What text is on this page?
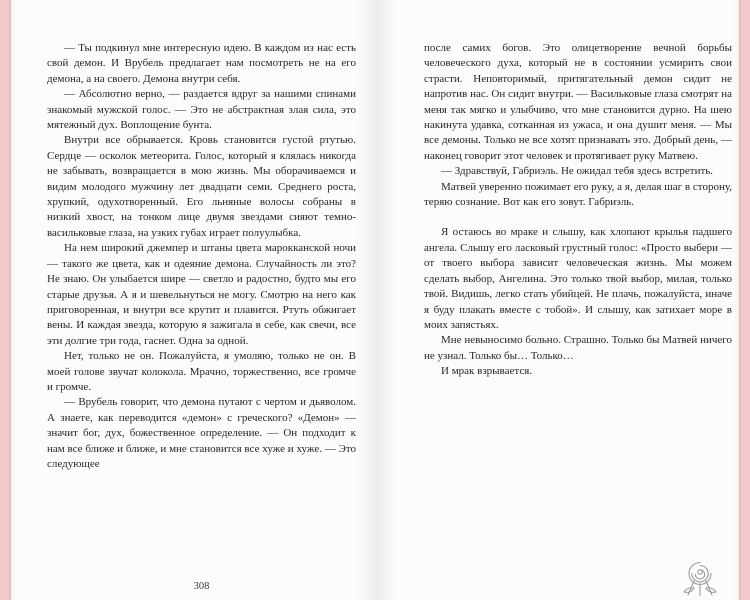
— Ты подкинул мне интересную идею. В каждом из нас есть свой демон. И Врубель предлагает нам посмотреть не на его демона, а на своего. Демона внутри себя.

— Абсолютно верно, — раздается вдруг за нашими спинами знакомый мужской голос. — Это не абстрактная злая сила, это мятежный дух. Воплощение бунта.

Внутри все обрывается. Кровь становится густой ртутью. Сердце — осколок метеорита. Голос, который я клялась никогда не забывать, возвращается в мою жизнь. Мы оборачиваемся и видим молодого мужчину лет двадцати семи. Среднего роста, хрупкий, одухотворенный. Его льняные волосы собраны в низкий хвост, на тонком лице двумя звездами сияют темно-васильковые глаза, на узких губах играет полуулыбка.

На нем широкий джемпер и штаны цвета марокканской ночи — такого же цвета, как и одеяние демона. Случайность ли это? Не знаю. Он улыбается шире — светло и радостно, будто мы его старые друзья. А я и шевельнуться не могу. Смотрю на него как приговоренная, и внутри все крутит и плавится. Ртуть обжигает вены. И каждая звезда, которую я зажигала в себе, как свечи, все эти долгие три года, гаснет. Одна за одной.

Нет, только не он. Пожалуйста, я умоляю, только не он. В моей голове звучат колокола. Мрачно, торжественно, все громче и громче.

— Врубель говорит, что демона путают с чертом и дьяволом. А знаете, как переводится «демон» с греческого? «Демон» — значит бог, дух, божественное определение. — Он подходит к нам все ближе и ближе, и мне становится все хуже и хуже. — Это следующее

после самих богов. Это олицетворение вечной борьбы человеческого духа, который не в состоянии усмирить свои страсти. Неповторимый, притягательный демон сидит не напротив нас. Он сидит внутри. — Васильковые глаза смотрят на меня так мягко и улыбчиво, что мне становится дурно. На шею накинута удавка, сотканная из ужаса, и она душит меня. — Мы все демоны. Только не все хотят признавать это. Добрый день, — наконец говорит этот человек и протягивает руку Матвею.

— Здравствуй, Габриэль. Не ожидал тебя здесь встретить.

Матвей уверенно пожимает его руку, а я, делая шаг в сторону, теряю сознание. Вот как его зовут. Габриэль.

Я остаюсь во мраке и слышу, как хлопают крылья падшего ангела. Слышу его ласковый грустный голос: «Просто выбери — от твоего выбора зависит человеческая жизнь. Мы можем сделать выбор, Ангелина. Это только твой выбор, милая, только твой. Видишь, легко стать убийцей. Не плачь, пожалуйста, иначе я буду плакать вместе с тобой». И слышу, как затихает море в моих запястьях.

Мне невыносимо больно. Страшно. Только бы Матвей ничего не узнал. Только бы… Только…

И мрак взрывается.

308
